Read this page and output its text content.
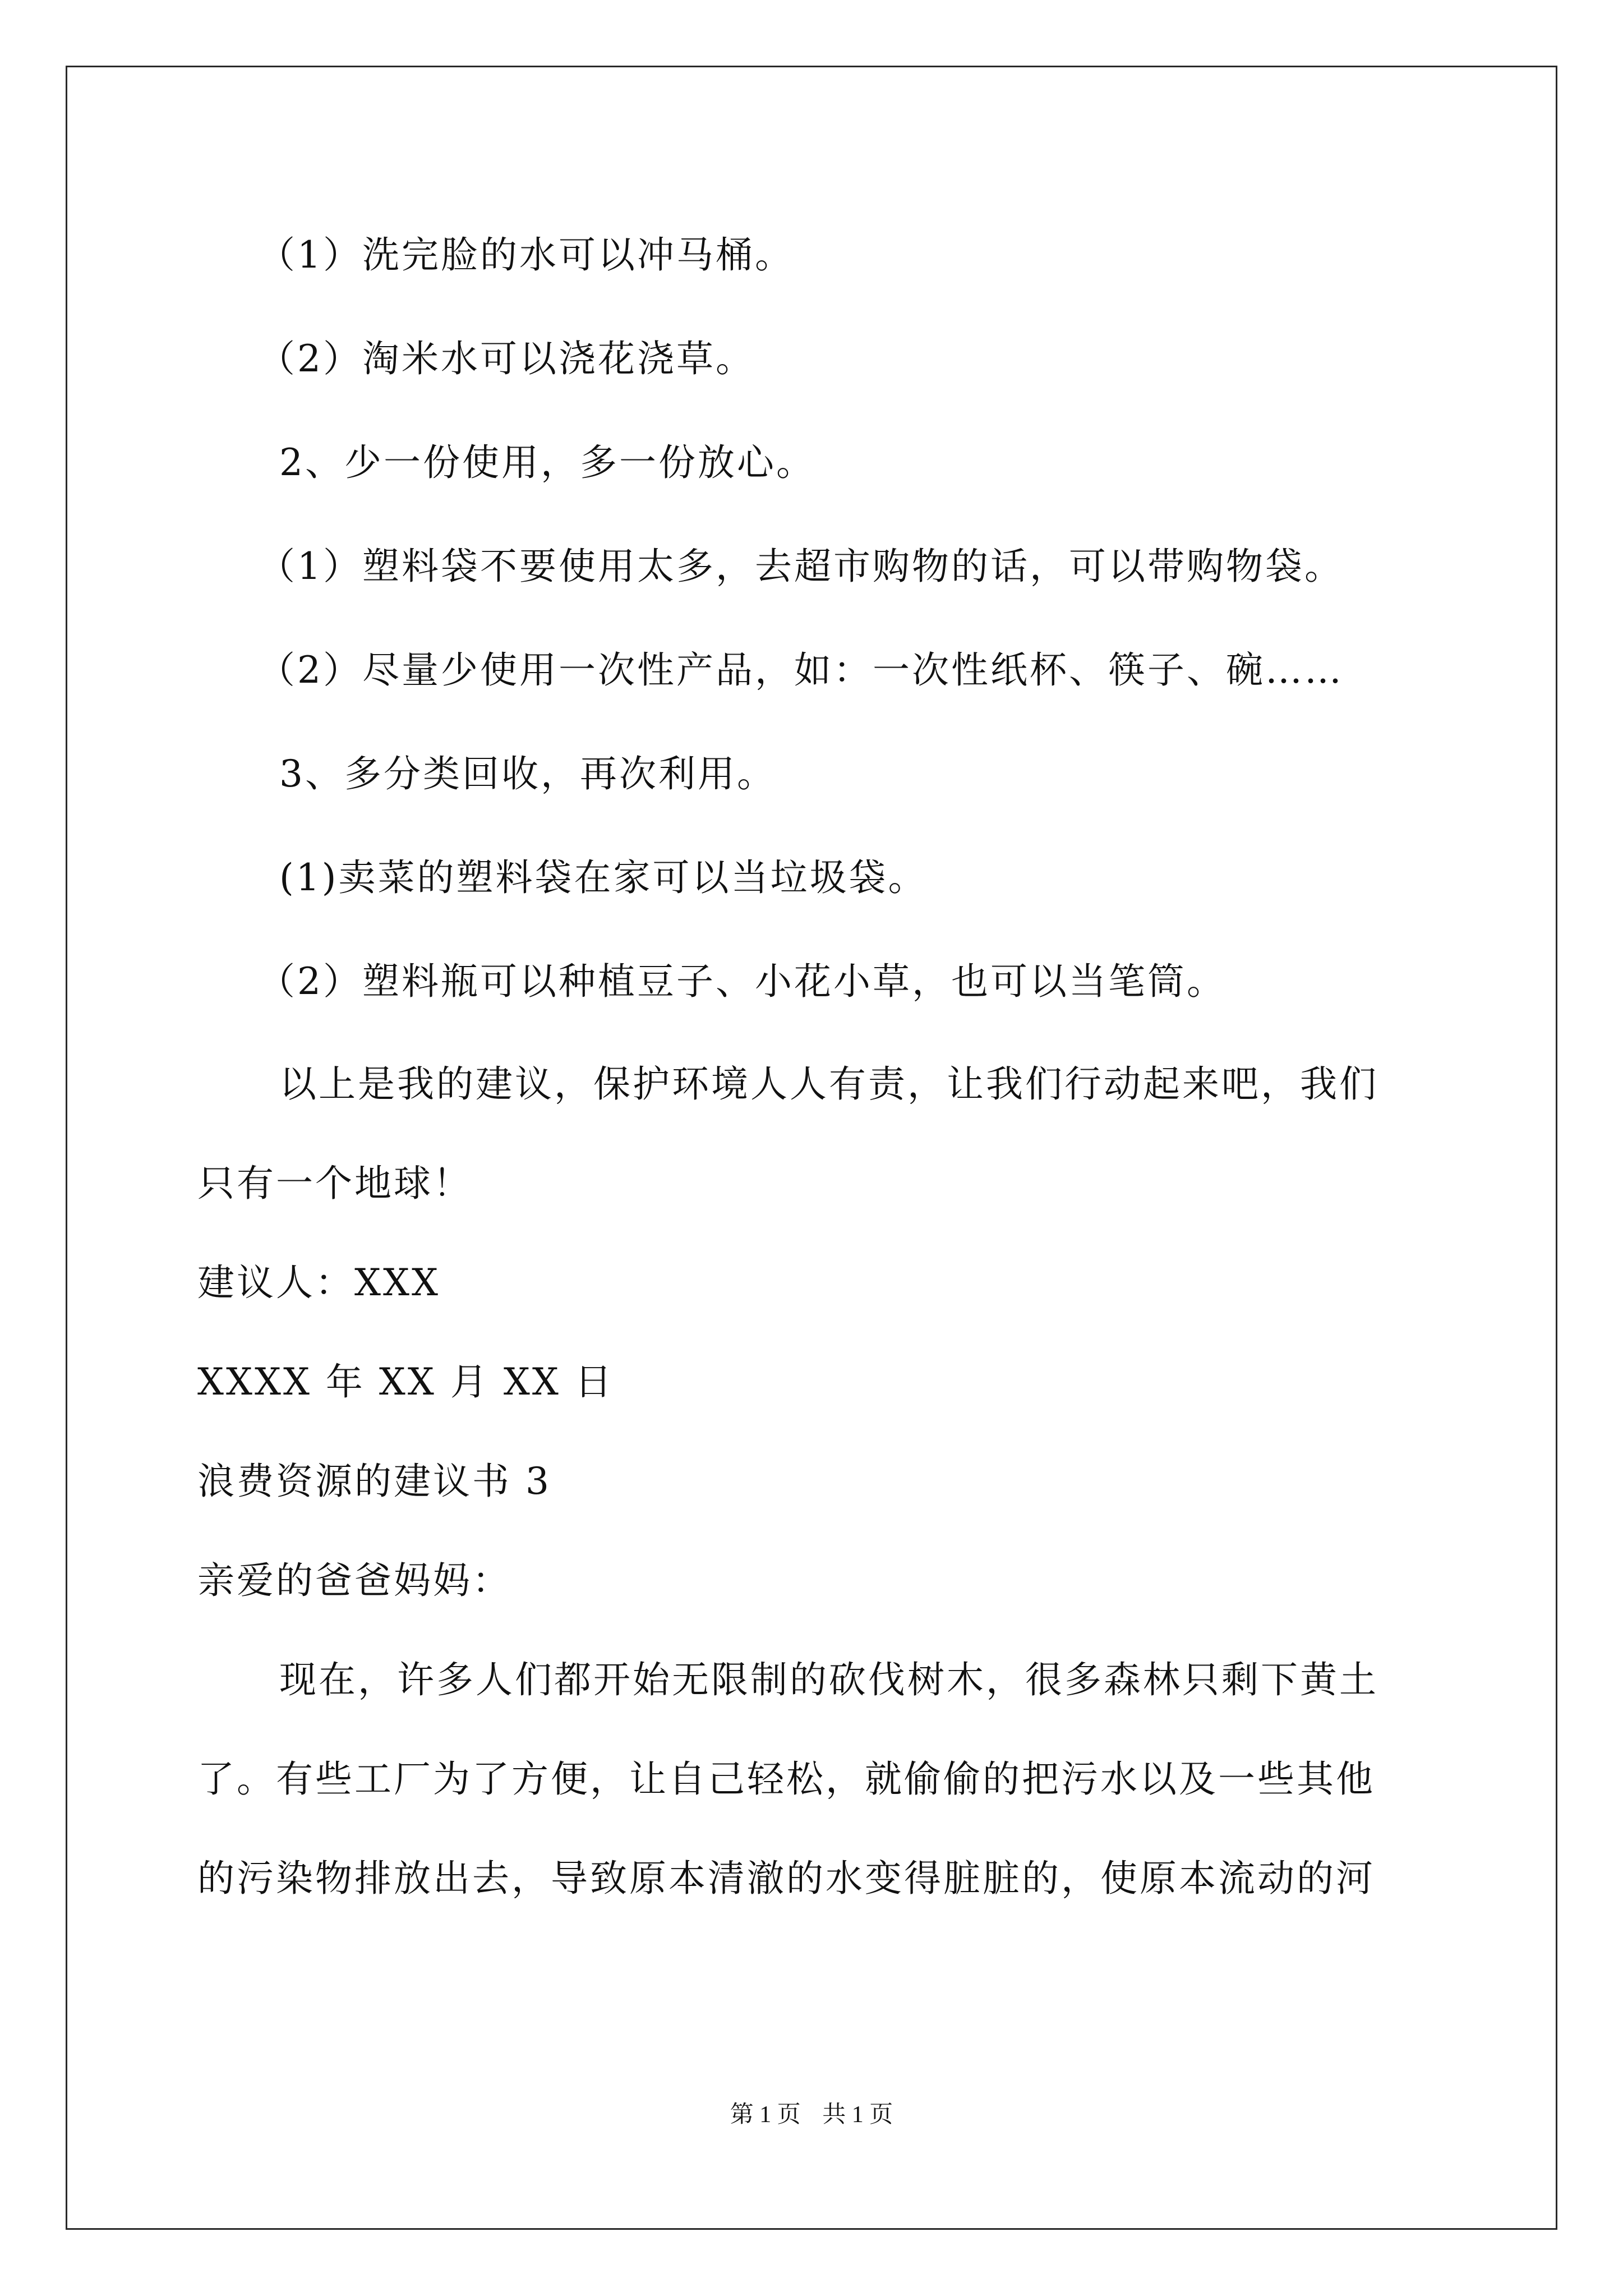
（1）洗完脸的水可以冲马桶。
（2）淘米水可以浇花浇草。
2、少一份使用，多一份放心。
（1）塑料袋不要使用太多，去超市购物的话，可以带购物袋。
（2）尽量少使用一次性产品，如：一次性纸杯、筷子、碗……
3、多分类回收，再次利用。
(1)卖菜的塑料袋在家可以当垃圾袋。
（2）塑料瓶可以种植豆子、小花小草，也可以当笔筒。
以上是我的建议，保护环境人人有责，让我们行动起来吧，我们
只有一个地球！
建议人：XXX
XXXX 年 XX 月 XX 日
浪费资源的建议书 3
亲爱的爸爸妈妈：
现在，许多人们都开始无限制的砍伐树木，很多森林只剩下黄土
了。有些工厂为了方便，让自己轻松，就偷偷的把污水以及一些其他
的污染物排放出去，导致原本清澈的水变得脏脏的，使原本流动的河
第 1 页 共 1 页
